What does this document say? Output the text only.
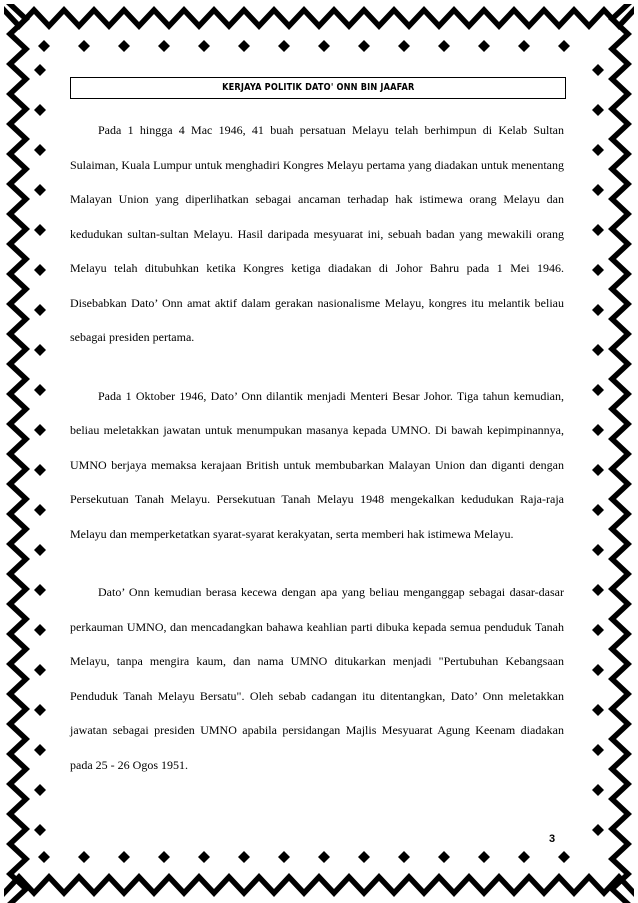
KERJAYA POLITIK DATO' ONN BIN JAAFAR

Pada 1 hingga 4 Mac 1946, 41 buah persatuan Melayu telah berhimpun di Kelab Sultan Sulaiman, Kuala Lumpur untuk menghadiri Kongres Melayu pertama yang diadakan untuk menentang Malayan Union yang diperlihatkan sebagai ancaman terhadap hak istimewa orang Melayu dan kedudukan sultan-sultan Melayu. Hasil daripada mesyuarat ini, sebuah badan yang mewakili orang Melayu telah ditubuhkan ketika Kongres ketiga diadakan di Johor Bahru pada 1 Mei 1946. Disebabkan Dato’ Onn amat aktif dalam gerakan nasionalisme Melayu, kongres itu melantik beliau sebagai presiden pertama.

Pada 1 Oktober 1946, Dato’ Onn dilantik menjadi Menteri Besar Johor. Tiga tahun kemudian, beliau meletakkan jawatan untuk menumpukan masanya kepada UMNO. Di bawah kepimpinannya, UMNO berjaya memaksa kerajaan British untuk membubarkan Malayan Union dan diganti dengan Persekutuan Tanah Melayu. Persekutuan Tanah Melayu 1948 mengekalkan kedudukan Raja-raja Melayu dan memperketatkan syarat-syarat kerakyatan, serta memberi hak istimewa Melayu.

Dato’ Onn kemudian berasa kecewa dengan apa yang beliau menganggap sebagai dasar-dasar perkauman UMNO, dan mencadangkan bahawa keahlian parti dibuka kepada semua penduduk Tanah Melayu, tanpa mengira kaum, dan nama UMNO ditukarkan menjadi "Pertubuhan Kebangsaan Penduduk Tanah Melayu Bersatu". Oleh sebab cadangan itu ditentangkan, Dato’ Onn meletakkan jawatan sebagai presiden UMNO apabila persidangan Majlis Mesyuarat Agung Keenam diadakan pada 25 - 26 Ogos 1951.

3
